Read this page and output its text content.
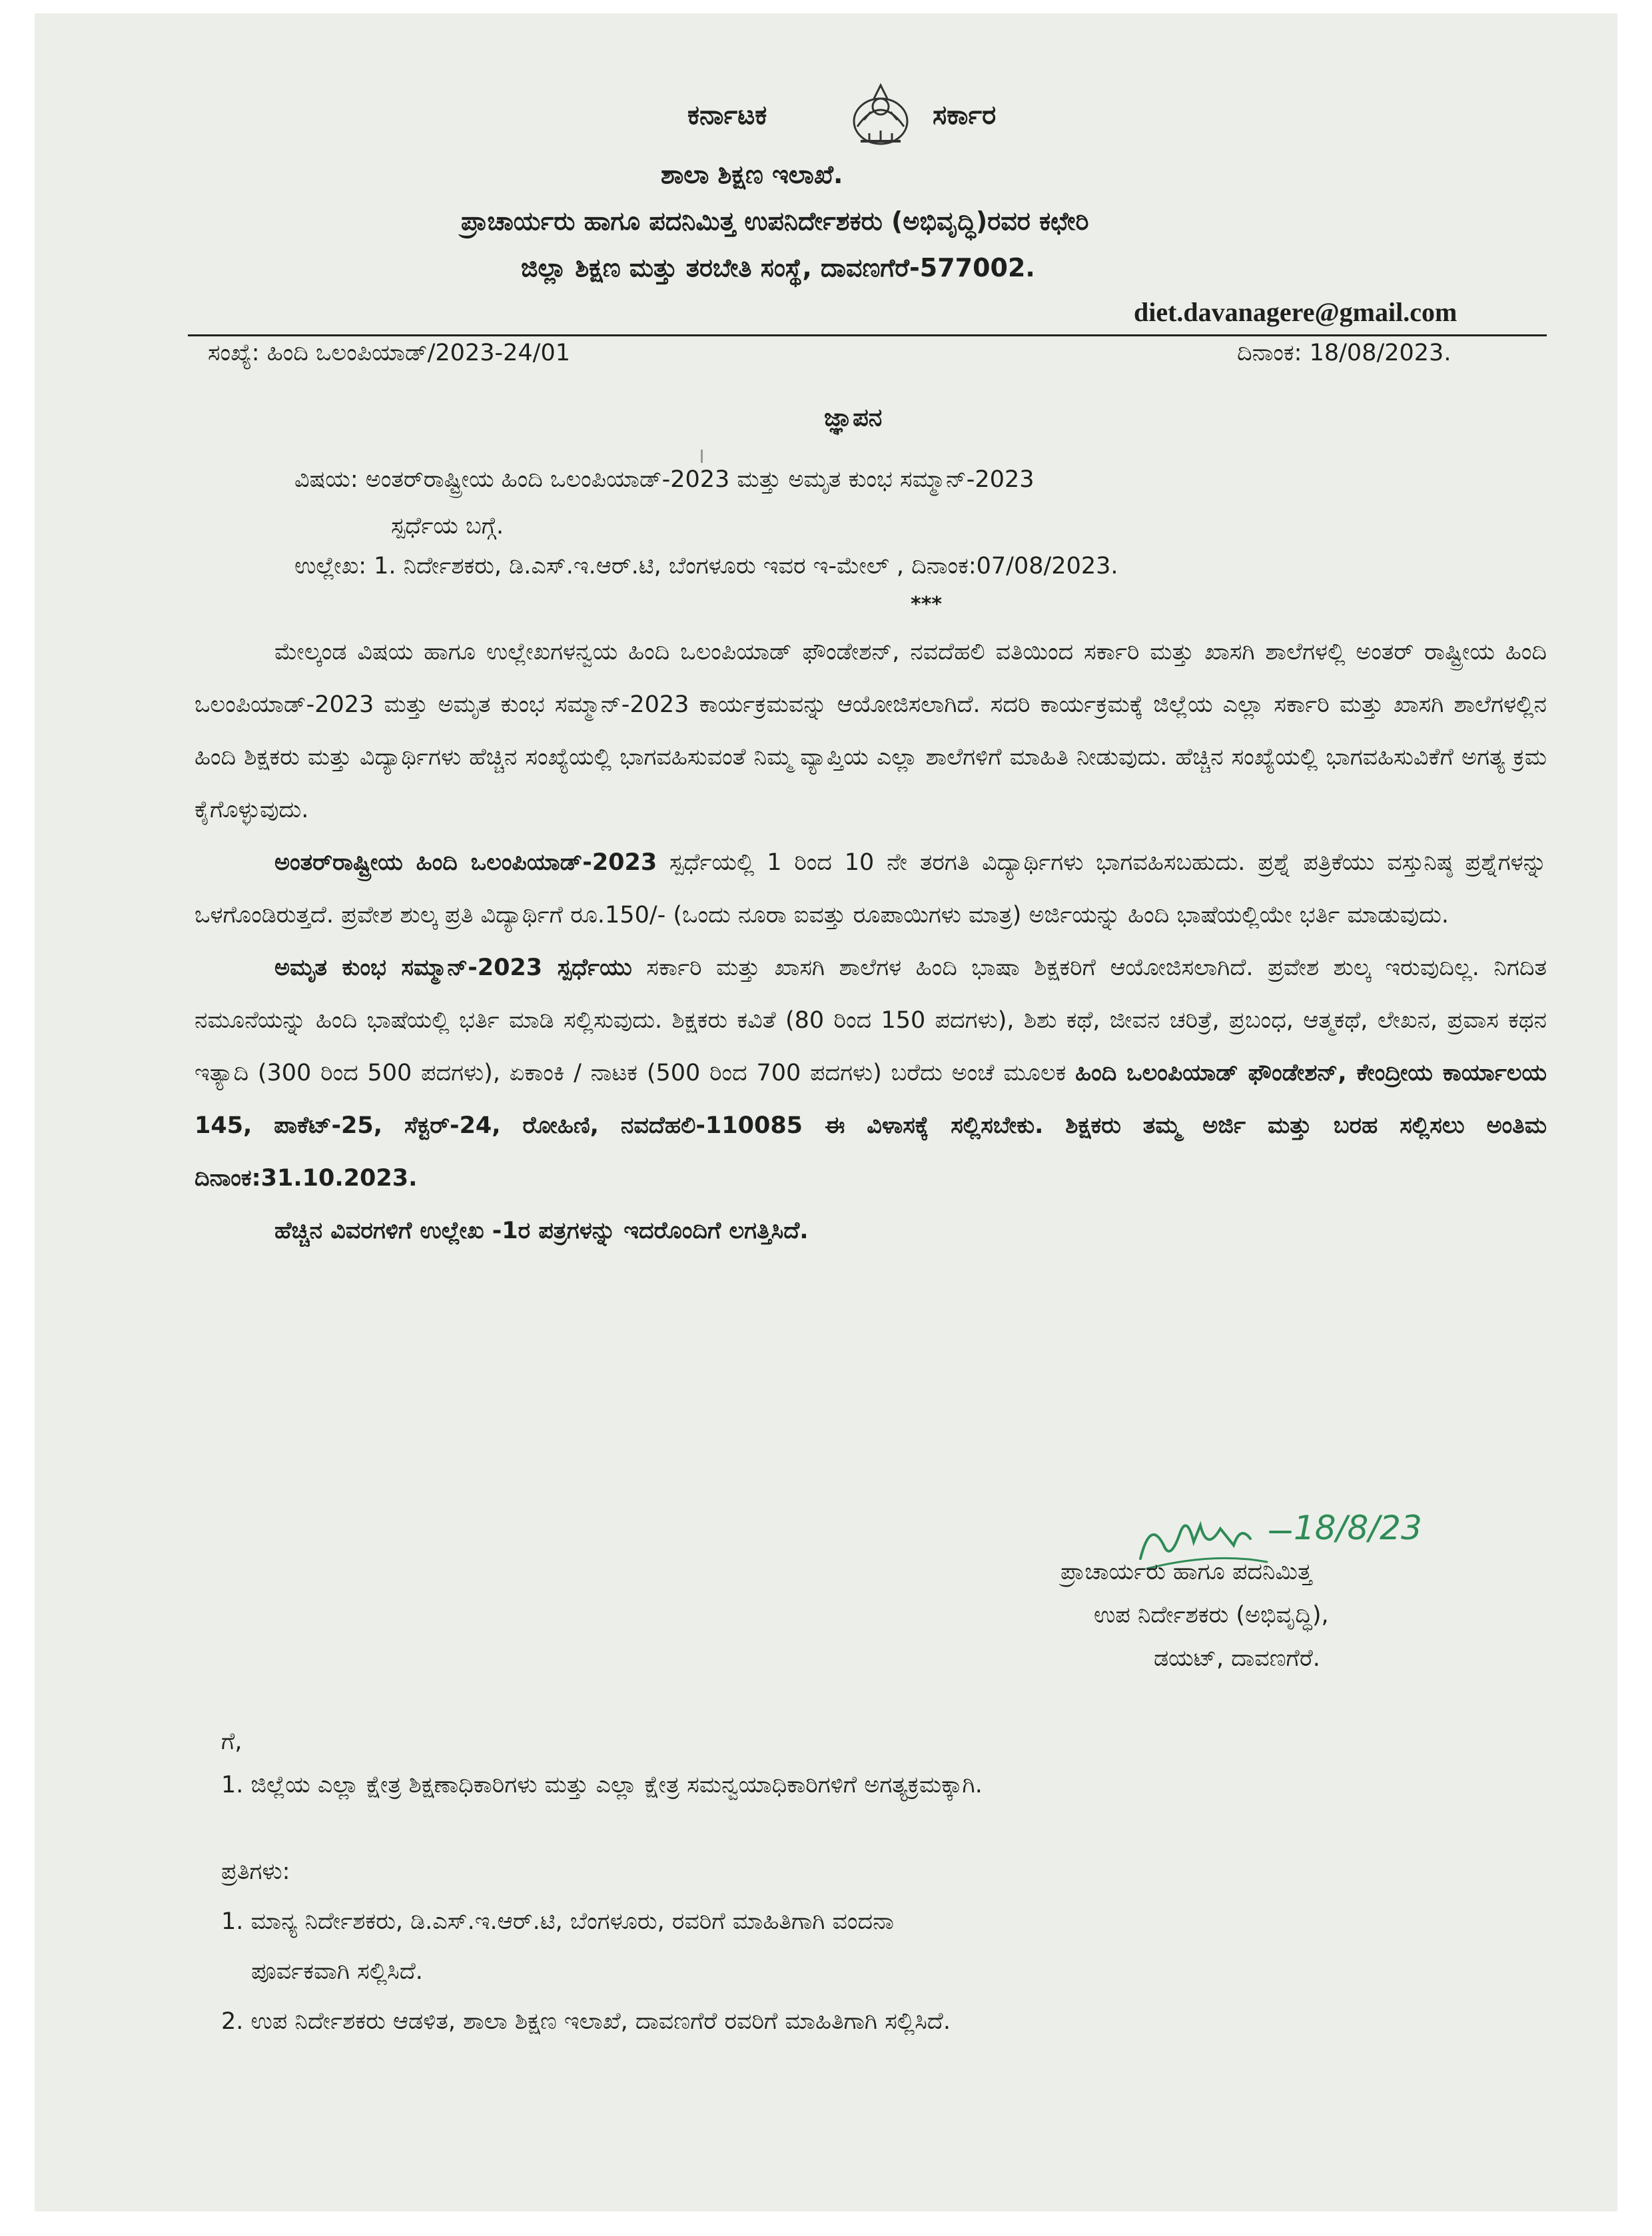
ಕರ್ನಾಟಕ	ಸರ್ಕಾರ
ಶಾಲಾ ಶಿಕ್ಷಣ ಇಲಾಖೆ.
ಪ್ರಾಚಾರ್ಯರು ಹಾಗೂ ಪದನಿಮಿತ್ತ ಉಪನಿರ್ದೇಶಕರು (ಅಭಿವೃದ್ಧಿ)ರವರ ಕಛೇರಿ
ಜಿಲ್ಲಾ ಶಿಕ್ಷಣ ಮತ್ತು ತರಬೇತಿ ಸಂಸ್ಥೆ, ದಾವಣಗೆರೆ-577002.
diet.davanagere@gmail.com
ಸಂಖ್ಯೆ: ಹಿಂದಿ ಒಲಂಪಿಯಾಡ್/2023-24/01	ದಿನಾಂಕ: 18/08/2023.
ಜ್ಞಾಪನ
ವಿಷಯ: ಅಂತರ್‌ರಾಷ್ಟ್ರೀಯ ಹಿಂದಿ ಒಲಂಪಿಯಾಡ್-2023 ಮತ್ತು ಅಮೃತ ಕುಂಭ ಸಮ್ಮಾನ್-2023
ಸ್ಪರ್ಧೆಯ ಬಗ್ಗೆ.
ಉಲ್ಲೇಖ: 1. ನಿರ್ದೇಶಕರು, ಡಿ.ಎಸ್.ಇ.ಆರ್.ಟಿ, ಬೆಂಗಳೂರು ಇವರ ಇ-ಮೇಲ್ , ದಿನಾಂಕ:07/08/2023.
***

ಮೇಲ್ಕಂಡ ವಿಷಯ ಹಾಗೂ ಉಲ್ಲೇಖಗಳನ್ವಯ ಹಿಂದಿ ಒಲಂಪಿಯಾಡ್ ಫೌಂಡೇಶನ್, ನವದೆಹಲಿ ವತಿಯಿಂದ ಸರ್ಕಾರಿ ಮತ್ತು ಖಾಸಗಿ ಶಾಲೆಗಳಲ್ಲಿ ಅಂತರ್ ರಾಷ್ಟ್ರೀಯ ಹಿಂದಿ ಒಲಂಪಿಯಾಡ್-2023 ಮತ್ತು ಅಮೃತ ಕುಂಭ ಸಮ್ಮಾನ್-2023 ಕಾರ್ಯಕ್ರಮವನ್ನು ಆಯೋಜಿಸಲಾಗಿದೆ. ಸದರಿ ಕಾರ್ಯಕ್ರಮಕ್ಕೆ ಜಿಲ್ಲೆಯ ಎಲ್ಲಾ ಸರ್ಕಾರಿ ಮತ್ತು ಖಾಸಗಿ ಶಾಲೆಗಳಲ್ಲಿನ ಹಿಂದಿ ಶಿಕ್ಷಕರು ಮತ್ತು ವಿದ್ಯಾರ್ಥಿಗಳು ಹೆಚ್ಚಿನ ಸಂಖ್ಯೆಯಲ್ಲಿ ಭಾಗವಹಿಸುವಂತೆ ನಿಮ್ಮ ವ್ಯಾಪ್ತಿಯ ಎಲ್ಲಾ ಶಾಲೆಗಳಿಗೆ ಮಾಹಿತಿ ನೀಡುವುದು. ಹೆಚ್ಚಿನ ಸಂಖ್ಯೆಯಲ್ಲಿ ಭಾಗವಹಿಸುವಿಕೆಗೆ ಅಗತ್ಯ ಕ್ರಮ ಕೈಗೊಳ್ಳುವುದು.

ಅಂತರ್‌ರಾಷ್ಟ್ರೀಯ ಹಿಂದಿ ಒಲಂಪಿಯಾಡ್-2023 ಸ್ಪರ್ಧೆಯಲ್ಲಿ 1 ರಿಂದ 10 ನೇ ತರಗತಿ ವಿದ್ಯಾರ್ಥಿಗಳು ಭಾಗವಹಿಸಬಹುದು. ಪ್ರಶ್ನೆ ಪತ್ರಿಕೆಯು ವಸ್ತುನಿಷ್ಠ ಪ್ರಶ್ನೆಗಳನ್ನು ಒಳಗೊಂಡಿರುತ್ತದೆ. ಪ್ರವೇಶ ಶುಲ್ಕ ಪ್ರತಿ ವಿದ್ಯಾರ್ಥಿಗೆ ರೂ.150/- (ಒಂದು ನೂರಾ ಐವತ್ತು ರೂಪಾಯಿಗಳು ಮಾತ್ರ) ಅರ್ಜಿಯನ್ನು ಹಿಂದಿ ಭಾಷೆಯಲ್ಲಿಯೇ ಭರ್ತಿ ಮಾಡುವುದು.

ಅಮೃತ ಕುಂಭ ಸಮ್ಮಾನ್-2023 ಸ್ಪರ್ಧೆಯು ಸರ್ಕಾರಿ ಮತ್ತು ಖಾಸಗಿ ಶಾಲೆಗಳ ಹಿಂದಿ ಭಾಷಾ ಶಿಕ್ಷಕರಿಗೆ ಆಯೋಜಿಸಲಾಗಿದೆ. ಪ್ರವೇಶ ಶುಲ್ಕ ಇರುವುದಿಲ್ಲ. ನಿಗದಿತ ನಮೂನೆಯನ್ನು ಹಿಂದಿ ಭಾಷೆಯಲ್ಲಿ ಭರ್ತಿ ಮಾಡಿ ಸಲ್ಲಿಸುವುದು. ಶಿಕ್ಷಕರು ಕವಿತೆ (80 ರಿಂದ 150 ಪದಗಳು), ಶಿಶು ಕಥೆ, ಜೀವನ ಚರಿತ್ರೆ, ಪ್ರಬಂಧ, ಆತ್ಮಕಥೆ, ಲೇಖನ, ಪ್ರವಾಸ ಕಥನ ಇತ್ಯಾದಿ (300 ರಿಂದ 500 ಪದಗಳು), ಏಕಾಂಕಿ / ನಾಟಕ (500 ರಿಂದ 700 ಪದಗಳು) ಬರೆದು ಅಂಚೆ ಮೂಲಕ ಹಿಂದಿ ಒಲಂಪಿಯಾಡ್ ಫೌಂಡೇಶನ್, ಕೇಂದ್ರೀಯ ಕಾರ್ಯಾಲಯ 145, ಪಾಕೆಟ್-25, ಸೆಕ್ಟರ್-24, ರೋಹಿಣಿ, ನವದೆಹಲಿ-110085 ಈ ವಿಳಾಸಕ್ಕೆ ಸಲ್ಲಿಸಬೇಕು. ಶಿಕ್ಷಕರು ತಮ್ಮ ಅರ್ಜಿ ಮತ್ತು ಬರಹ ಸಲ್ಲಿಸಲು ಅಂತಿಮ ದಿನಾಂಕ:31.10.2023.

ಹೆಚ್ಚಿನ ವಿವರಗಳಿಗೆ ಉಲ್ಲೇಖ -1ರ ಪತ್ರಗಳನ್ನು ಇದರೊಂದಿಗೆ ಲಗತ್ತಿಸಿದೆ.

18/8/23
ಪ್ರಾಚಾರ್ಯರು ಹಾಗೂ ಪದನಿಮಿತ್ತ
ಉಪ ನಿರ್ದೇಶಕರು (ಅಭಿವೃದ್ಧಿ),
ಡಯಟ್, ದಾವಣಗೆರೆ.
ಗೆ,
1. ಜಿಲ್ಲೆಯ ಎಲ್ಲಾ ಕ್ಷೇತ್ರ ಶಿಕ್ಷಣಾಧಿಕಾರಿಗಳು ಮತ್ತು ಎಲ್ಲಾ ಕ್ಷೇತ್ರ ಸಮನ್ವಯಾಧಿಕಾರಿಗಳಿಗೆ ಅಗತ್ಯಕ್ರಮಕ್ಕಾಗಿ.
ಪ್ರತಿಗಳು:
1. ಮಾನ್ಯ ನಿರ್ದೇಶಕರು, ಡಿ.ಎಸ್.ಇ.ಆರ್.ಟಿ, ಬೆಂಗಳೂರು, ರವರಿಗೆ ಮಾಹಿತಿಗಾಗಿ ವಂದನಾ
ಪೂರ್ವಕವಾಗಿ ಸಲ್ಲಿಸಿದೆ.
2. ಉಪ ನಿರ್ದೇಶಕರು ಆಡಳಿತ, ಶಾಲಾ ಶಿಕ್ಷಣ ಇಲಾಖೆ, ದಾವಣಗೆರೆ ರವರಿಗೆ ಮಾಹಿತಿಗಾಗಿ ಸಲ್ಲಿಸಿದೆ.
